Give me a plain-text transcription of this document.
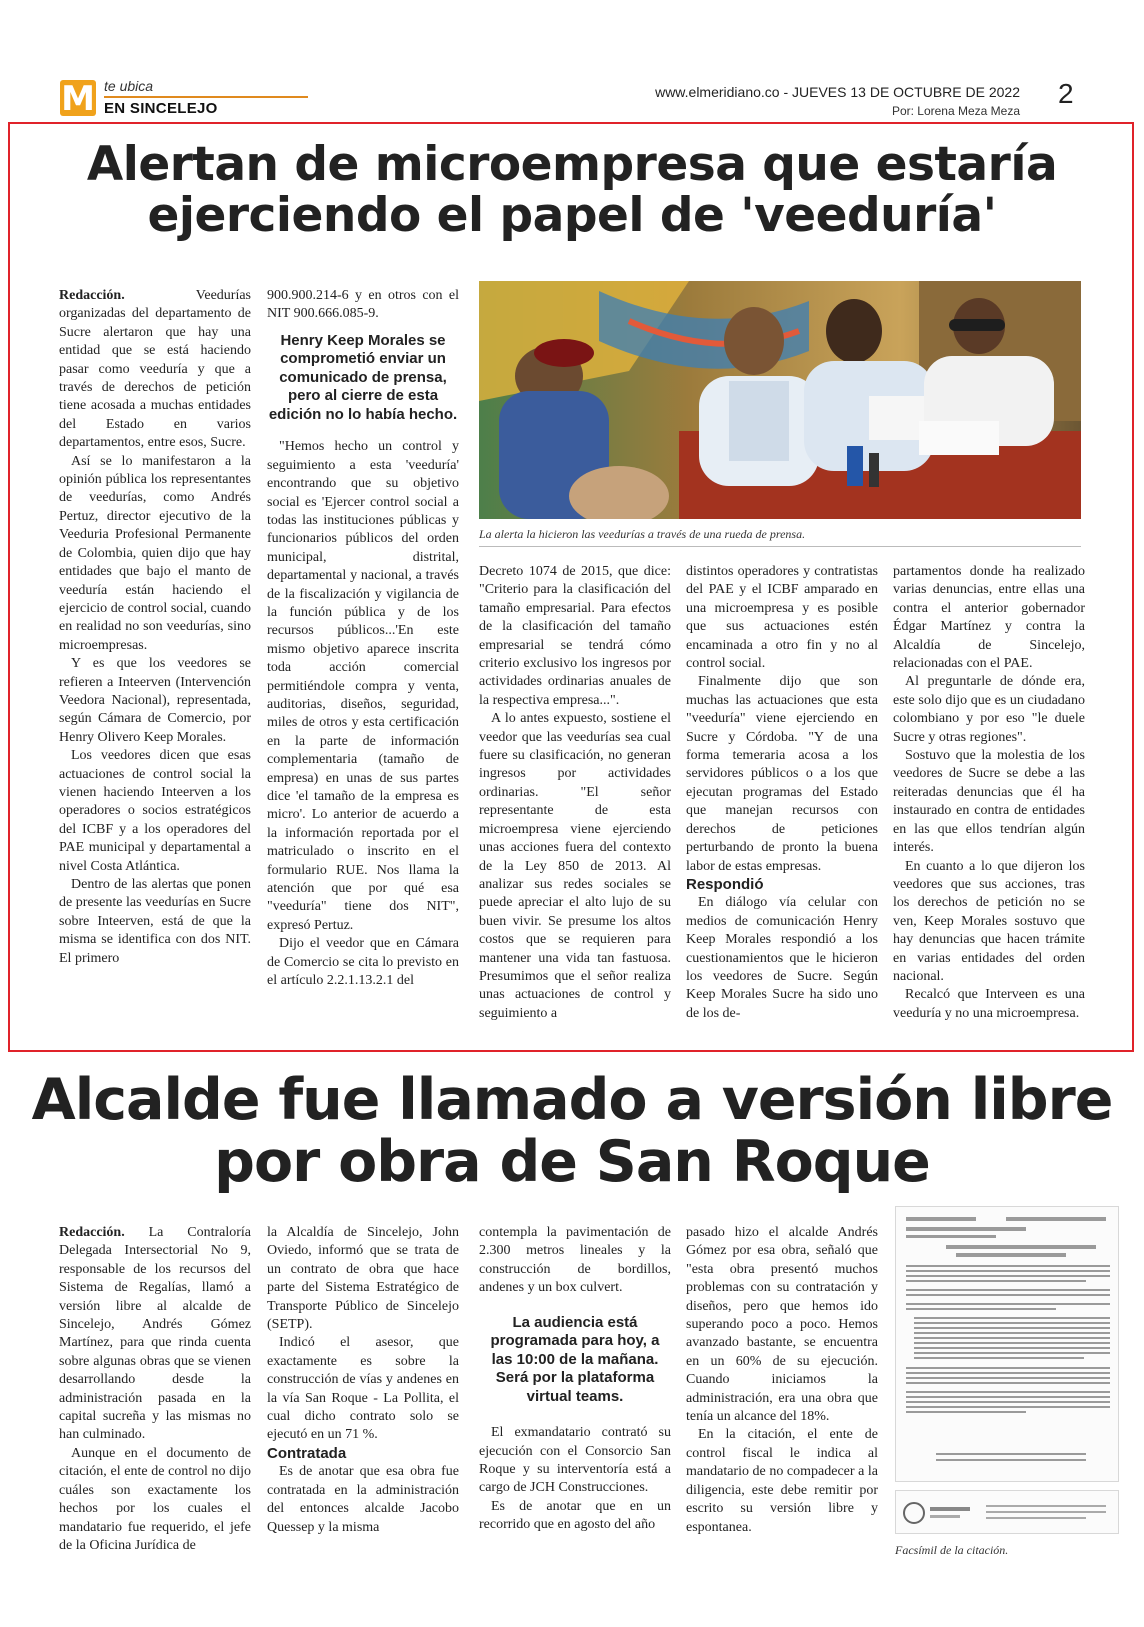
M te ubica
EN SINCELEJO
www.elmeridiano.co - JUEVES 13 DE OCTUBRE DE 2022
Por: Lorena Meza Meza
2
Alertan de microempresa que estaría ejerciendo el papel de 'veeduría'

Redacción. Veedurías organizadas del departamento de Sucre alertaron que hay una entidad que se está haciendo pasar como veeduría y que a través de derechos de petición tiene acosada a muchas entidades del Estado en varios departamentos, entre esos, Sucre.

Así se lo manifestaron a la opinión pública los representantes de veedurías, como Andrés Pertuz, director ejecutivo de la Veeduria Profesional Permanente de Colombia, quien dijo que hay entidades que bajo el manto de veeduría están haciendo el ejercicio de control social, cuando en realidad no son veedurías, sino microempresas.

Y es que los veedores se refieren a Inteerven (Intervención Veedora Nacional), representada, según Cámara de Comercio, por Henry Olivero Keep Morales.

Los veedores dicen que esas actuaciones de control social la vienen haciendo Inteerven a los operadores o socios estratégicos del ICBF y a los operadores del PAE municipal y departamental a nivel Costa Atlántica.

Dentro de las alertas que ponen de presente las veedurías en Sucre sobre Inteerven, está de que la misma se identifica con dos NIT. El primero

900.900.214-6 y en otros con el NIT 900.666.085-9.

Henry Keep Morales se comprometió enviar un comunicado de prensa, pero al cierre de esta edición no lo había hecho.

"Hemos hecho un control y seguimiento a esta 'veeduría' encontrando que su objetivo social es 'Ejercer control social a todas las instituciones públicas y funcionarios públicos del orden municipal, distrital, departamental y nacional, a través de la fiscalización y vigilancia de la función pública y de los recursos públicos...'En este mismo objetivo aparece inscrita toda acción comercial permitiéndole compra y venta, auditorias, diseños, seguridad, miles de otros y esta certificación en la parte de información complementaria (tamaño de empresa) en unas de sus partes dice 'el tamaño de la empresa es micro'. Lo anterior de acuerdo a la información reportada por el matriculado o inscrito en el formulario RUE. Nos llama la atención que por qué esa "veeduría" tiene dos NIT", expresó Pertuz.

Dijo el veedor que en Cámara de Comercio se cita lo previsto en el artículo 2.2.1.13.2.1 del

La alerta la hicieron las veedurías a través de una rueda de prensa.

Decreto 1074 de 2015, que dice: "Criterio para la clasificación del tamaño empresarial. Para efectos de la clasificación del tamaño empresarial se tendrá cómo criterio exclusivo los ingresos por actividades ordinarias anuales de la respectiva empresa...".

A lo antes expuesto, sostiene el veedor que las veedurías sea cual fuere su clasificación, no generan ingresos por actividades ordinarias. "El señor representante de esta microempresa viene ejerciendo unas acciones fuera del contexto de la Ley 850 de 2013. Al analizar sus redes sociales se puede apreciar el alto lujo de su buen vivir. Se presume los altos costos que se requieren para mantener una vida tan fastuosa. Presumimos que el señor realiza unas actuaciones de control y seguimiento a

distintos operadores y contratistas del PAE y el ICBF amparado en una microempresa y es posible que sus actuaciones estén encaminada a otro fin y no al control social.

Finalmente dijo que son muchas las actuaciones que esta "veeduría" viene ejerciendo en Sucre y Córdoba. "Y de una forma temeraria acosa a los servidores públicos o a los que ejecutan programas del Estado que manejan recursos con derechos de peticiones perturbando de pronto la buena labor de estas empresas.

Respondió

En diálogo vía celular con medios de comunicación Henry Keep Morales respondió a los cuestionamientos que le hicieron los veedores de Sucre. Según Keep Morales Sucre ha sido uno de los de-

partamentos donde ha realizado varias denuncias, entre ellas una contra el anterior gobernador Édgar Martínez y contra la Alcaldía de Sincelejo, relacionadas con el PAE.

Al preguntarle de dónde era, este solo dijo que es un ciudadano colombiano y por eso "le duele Sucre y otras regiones".

Sostuvo que la molestia de los veedores de Sucre se debe a las reiteradas denuncias que él ha instaurado en contra de entidades en las que ellos tendrían algún interés.

En cuanto a lo que dijeron los veedores que sus acciones, tras los derechos de petición no se ven, Keep Morales sostuvo que hay denuncias que hacen trámite en varias entidades del orden nacional.

Recalcó que Interveen es una veeduría y no una microempresa.

Alcalde fue llamado a versión libre por obra de San Roque

Redacción. La Contraloría Delegada Intersectorial No 9, responsable de los recursos del Sistema de Regalías, llamó a versión libre al alcalde de Sincelejo, Andrés Gómez Martínez, para que rinda cuenta sobre algunas obras que se vienen desarrollando desde la administración pasada en la capital sucreña y las mismas no han culminado.

Aunque en el documento de citación, el ente de control no dijo cuáles son exactamente los hechos por los cuales el mandatario fue requerido, el jefe de la Oficina Jurídica de

la Alcaldía de Sincelejo, John Oviedo, informó que se trata de un contrato de obra que hace parte del Sistema Estratégico de Transporte Público de Sincelejo (SETP).

Indicó el asesor, que exactamente es sobre la construcción de vías y andenes en la vía San Roque - La Pollita, el cual dicho contrato solo se ejecutó en un 71 %.

Contratada

Es de anotar que esa obra fue contratada en la administración del entonces alcalde Jacobo Quessep y la misma

contempla la pavimentación de 2.300 metros lineales y la construcción de bordillos, andenes y un box culvert.

La audiencia está programada para hoy, a las 10:00 de la mañana. Será por la plataforma virtual teams.

El exmandatario contrató su ejecución con el Consorcio San Roque y su interventoría está a cargo de JCH Construcciones.

Es de anotar que en un recorrido que en agosto del año

pasado hizo el alcalde Andrés Gómez por esa obra, señaló que "esta obra presentó muchos problemas con su contratación y diseños, pero que hemos ido superando poco a poco. Hemos avanzado bastante, se encuentra en un 60% de su ejecución. Cuando iniciamos la administración, era una obra que tenía un alcance del 18%.

En la citación, el ente de control fiscal le indica al mandatario de no compadecer a la diligencia, este debe remitir por escrito su versión libre y espontanea.

Facsímil de la citación.
